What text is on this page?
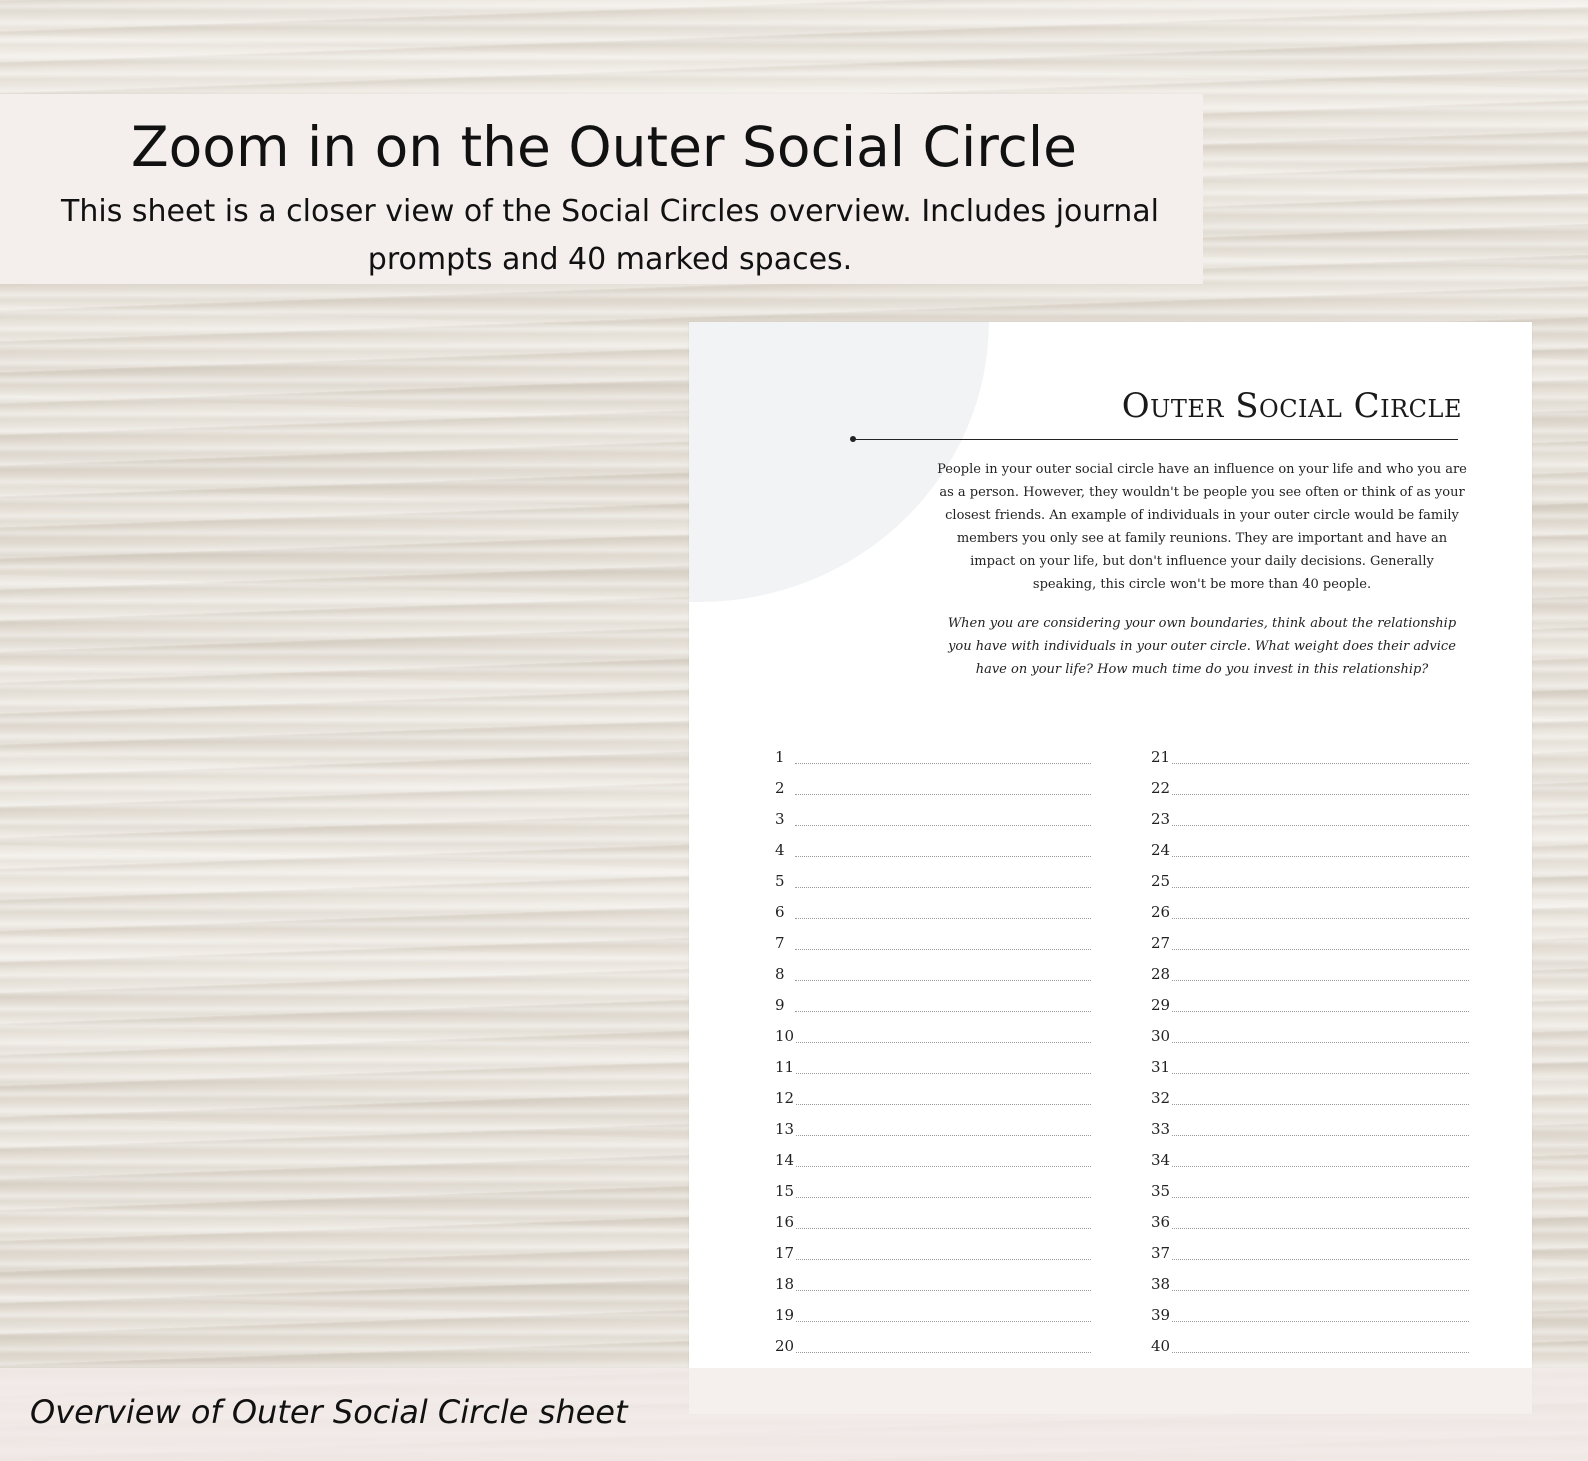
Zoom in on the Outer Social Circle
This sheet is a closer view of the Social Circles overview. Includes journal prompts and 40 marked spaces.
Outer Social Circle
People in your outer social circle have an influence on your life and who you are as a person. However, they wouldn't be people you see often or think of as your closest friends. An example of individuals in your outer circle would be family members you only see at family reunions. They are important and have an impact on your life, but don't influence your daily decisions. Generally speaking, this circle won't be more than 40 people.
When you are considering your own boundaries, think about the relationship you have with individuals in your outer circle. What weight does their advice have on your life? How much time do you invest in this relationship?
1
2
3
4
5
6
7
8
9
10
11
12
13
14
15
16
17
18
19
20
21
22
23
24
25
26
27
28
29
30
31
32
33
34
35
36
37
38
39
40
Overview of Outer Social Circle sheet
